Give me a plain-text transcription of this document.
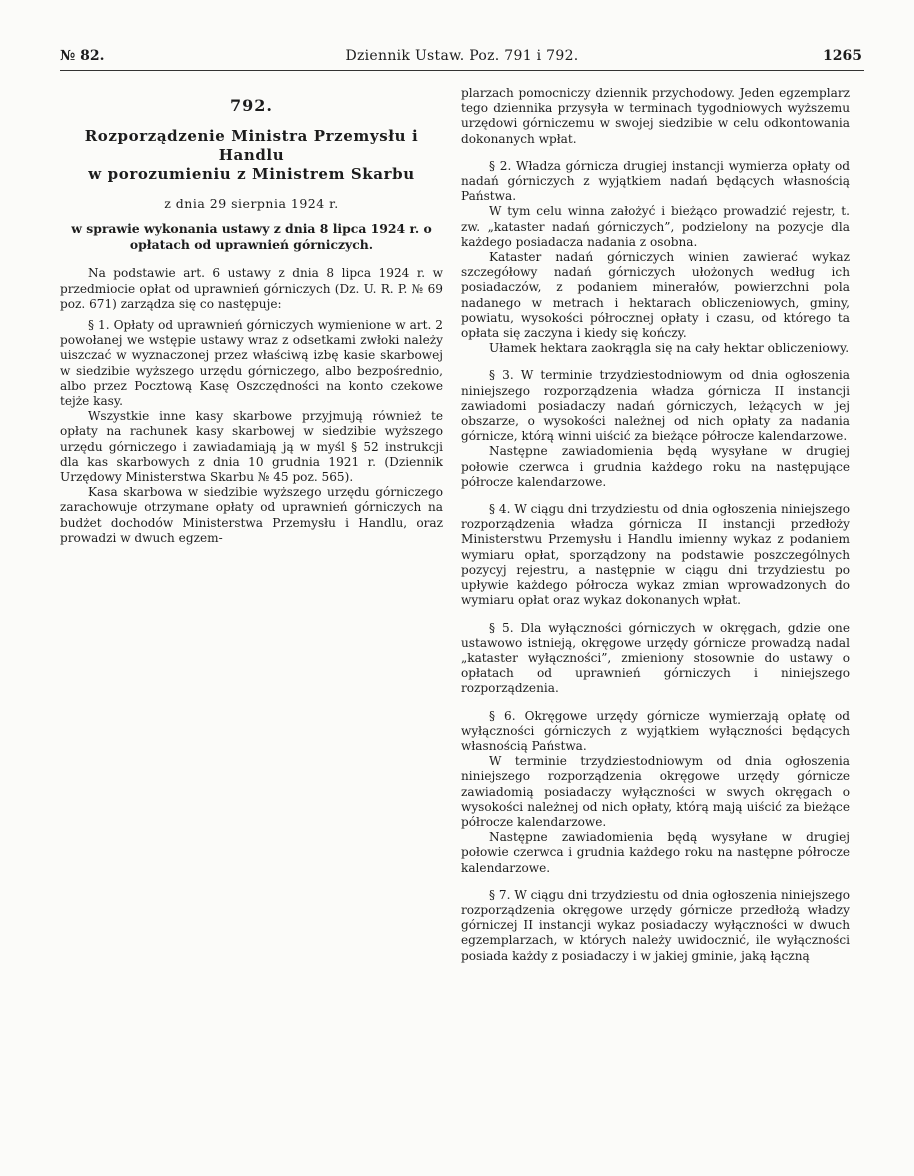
№ 82.	Dziennik Ustaw. Poz. 791 i 792.	1265
792.
Rozporządzenie Ministra Przemysłu i Handlu
w porozumieniu z Ministrem Skarbu
z dnia 29 sierpnia 1924 r.
w sprawie wykonania ustawy z dnia 8 lipca 1924 r. o opłatach od uprawnień górniczych.

Na podstawie art. 6 ustawy z dnia 8 lipca 1924 r. w przedmiocie opłat od uprawnień górniczych (Dz. U. R. P. № 69 poz. 671) zarządza się co następuje:

§ 1. Opłaty od uprawnień górniczych wymienione w art. 2 powołanej we wstępie ustawy wraz z odsetkami zwłoki należy uiszczać w wyznaczonej przez właściwą izbę kasie skarbowej w siedzibie wyższego urzędu górniczego, albo bezpośrednio, albo przez Pocztową Kasę Oszczędności na konto czekowe tejże kasy.

Wszystkie inne kasy skarbowe przyjmują również te opłaty na rachunek kasy skarbowej w siedzibie wyższego urzędu górniczego i zawiadamiają ją w myśl § 52 instrukcji dla kas skarbowych z dnia 10 grudnia 1921 r. (Dziennik Urzędowy Ministerstwa Skarbu № 45 poz. 565).

Kasa skarbowa w siedzibie wyższego urzędu górniczego zarachowuje otrzymane opłaty od uprawnień górniczych na budżet dochodów Ministerstwa Przemysłu i Handlu, oraz prowadzi w dwuch egzem-

plarzach pomocniczy dziennik przychodowy. Jeden egzemplarz tego dziennika przysyła w terminach tygodniowych wyższemu urzędowi górniczemu w swojej siedzibie w celu odkontowania dokonanych wpłat.

§ 2. Władza górnicza drugiej instancji wymierza opłaty od nadań górniczych z wyjątkiem nadań będących własnością Państwa.

W tym celu winna założyć i bieżąco prowadzić rejestr, t. zw. „kataster nadań górniczych”, podzielony na pozycje dla każdego posiadacza nadania z osobna.

Kataster nadań górniczych winien zawierać wykaz szczegółowy nadań górniczych ułożonych według ich posiadaczów, z podaniem minerałów, powierzchni pola nadanego w metrach i hektarach obliczeniowych, gminy, powiatu, wysokości półrocznej opłaty i czasu, od którego ta opłata się zaczyna i kiedy się kończy.

Ułamek hektara zaokrągla się na cały hektar obliczeniowy.

§ 3. W terminie trzydziestodniowym od dnia ogłoszenia niniejszego rozporządzenia władza górnicza II instancji zawiadomi posiadaczy nadań górniczych, leżących w jej obszarze, o wysokości należnej od nich opłaty za nadania górnicze, którą winni uiścić za bieżące półrocze kalendarzowe.

Następne zawiadomienia będą wysyłane w drugiej połowie czerwca i grudnia każdego roku na następujące półrocze kalendarzowe.

§ 4. W ciągu dni trzydziestu od dnia ogłoszenia niniejszego rozporządzenia władza górnicza II instancji przedłoży Ministerstwu Przemysłu i Handlu imienny wykaz z podaniem wymiaru opłat, sporządzony na podstawie poszczególnych pozycyj rejestru, a następnie w ciągu dni trzydziestu po upływie każdego półrocza wykaz zmian wprowadzonych do wymiaru opłat oraz wykaz dokonanych wpłat.

§ 5. Dla wyłączności górniczych w okręgach, gdzie one ustawowo istnieją, okręgowe urzędy górnicze prowadzą nadal „kataster wyłączności”, zmieniony stosownie do ustawy o opłatach od uprawnień górniczych i niniejszego rozporządzenia.

§ 6. Okręgowe urzędy górnicze wymierzają opłatę od wyłączności górniczych z wyjątkiem wyłączności będących własnością Państwa.

W terminie trzydziestodniowym od dnia ogłoszenia niniejszego rozporządzenia okręgowe urzędy górnicze zawiadomią posiadaczy wyłączności w swych okręgach o wysokości należnej od nich opłaty, którą mają uiścić za bieżące półrocze kalendarzowe.

Następne zawiadomienia będą wysyłane w drugiej połowie czerwca i grudnia każdego roku na następne półrocze kalendarzowe.

§ 7. W ciągu dni trzydziestu od dnia ogłoszenia niniejszego rozporządzenia okręgowe urzędy górnicze przedłożą władzy górniczej II instancji wykaz posiadaczy wyłączności w dwuch egzemplarzach, w których należy uwidocznić, ile wyłączności posiada każdy z posiadaczy i w jakiej gminie, jaką łączną
